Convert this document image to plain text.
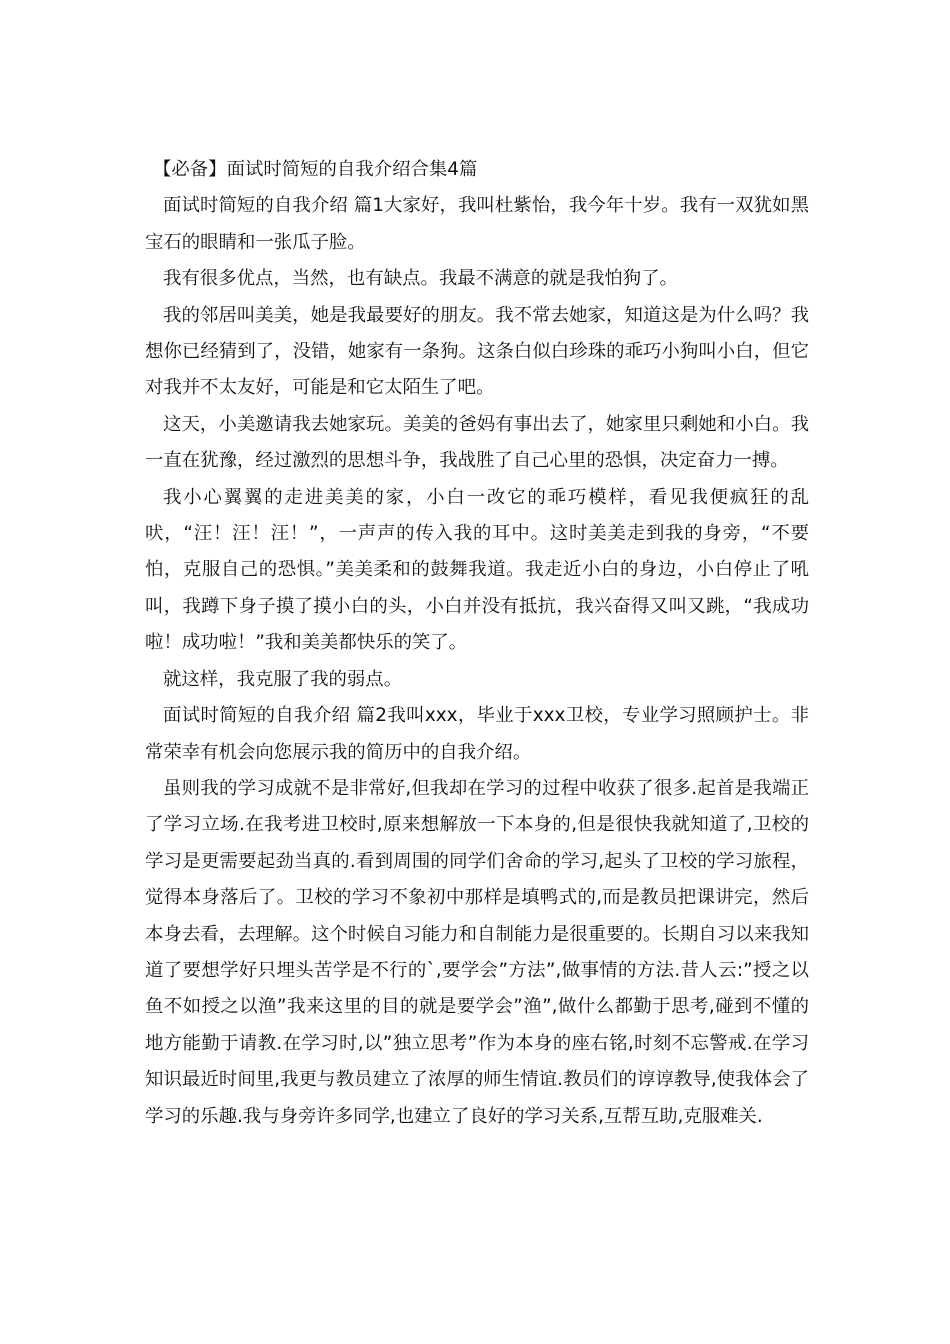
【必备】面试时简短的自我介绍合集4篇

面试时简短的自我介绍 篇1大家好，我叫杜紫怡，我今年十岁。我有一双犹如黑宝石的眼睛和一张瓜子脸。

我有很多优点，当然，也有缺点。我最不满意的就是我怕狗了。

我的邻居叫美美，她是我最要好的朋友。我不常去她家，知道这是为什么吗？我想你已经猜到了，没错，她家有一条狗。这条白似白珍珠的乖巧小狗叫小白，但它对我并不太友好，可能是和它太陌生了吧。

这天，小美邀请我去她家玩。美美的爸妈有事出去了，她家里只剩她和小白。我一直在犹豫，经过激烈的思想斗争，我战胜了自己心里的恐惧，决定奋力一搏。

我小心翼翼的走进美美的家，小白一改它的乖巧模样，看见我便疯狂的乱吠，“汪！汪！汪！”，一声声的传入我的耳中。这时美美走到我的身旁，“不要怕，克服自己的恐惧。”美美柔和的鼓舞我道。我走近小白的身边，小白停止了吼叫，我蹲下身子摸了摸小白的头，小白并没有抵抗，我兴奋得又叫又跳，“我成功啦！成功啦！”我和美美都快乐的笑了。

就这样，我克服了我的弱点。

面试时简短的自我介绍 篇2我叫xxx，毕业于xxx卫校，专业学习照顾护士。非常荣幸有机会向您展示我的简历中的自我介绍。

虽则我的学习成就不是非常好,但我却在学习的过程中收获了很多.起首是我端正了学习立场.在我考进卫校时,原来想解放一下本身的,但是很快我就知道了,卫校的学习是更需要起劲当真的.看到周围的同学们舍命的学习,起头了卫校的学习旅程，觉得本身落后了。卫校的学习不象初中那样是填鸭式的,而是教员把课讲完，然后本身去看，去理解。这个时候自习能力和自制能力是很重要的。长期自习以来我知道了要想学好只埋头苦学是不行的`,要学会”方法”,做事情的方法.昔人云:”授之以鱼不如授之以渔”我来这里的目的就是要学会”渔”,做什么都勤于思考,碰到不懂的地方能勤于请教.在学习时,以”独立思考”作为本身的座右铭,时刻不忘警戒.在学习知识最近时间里,我更与教员建立了浓厚的师生情谊.教员们的谆谆教导,使我体会了学习的乐趣.我与身旁许多同学,也建立了良好的学习关系,互帮互助,克服难关.
